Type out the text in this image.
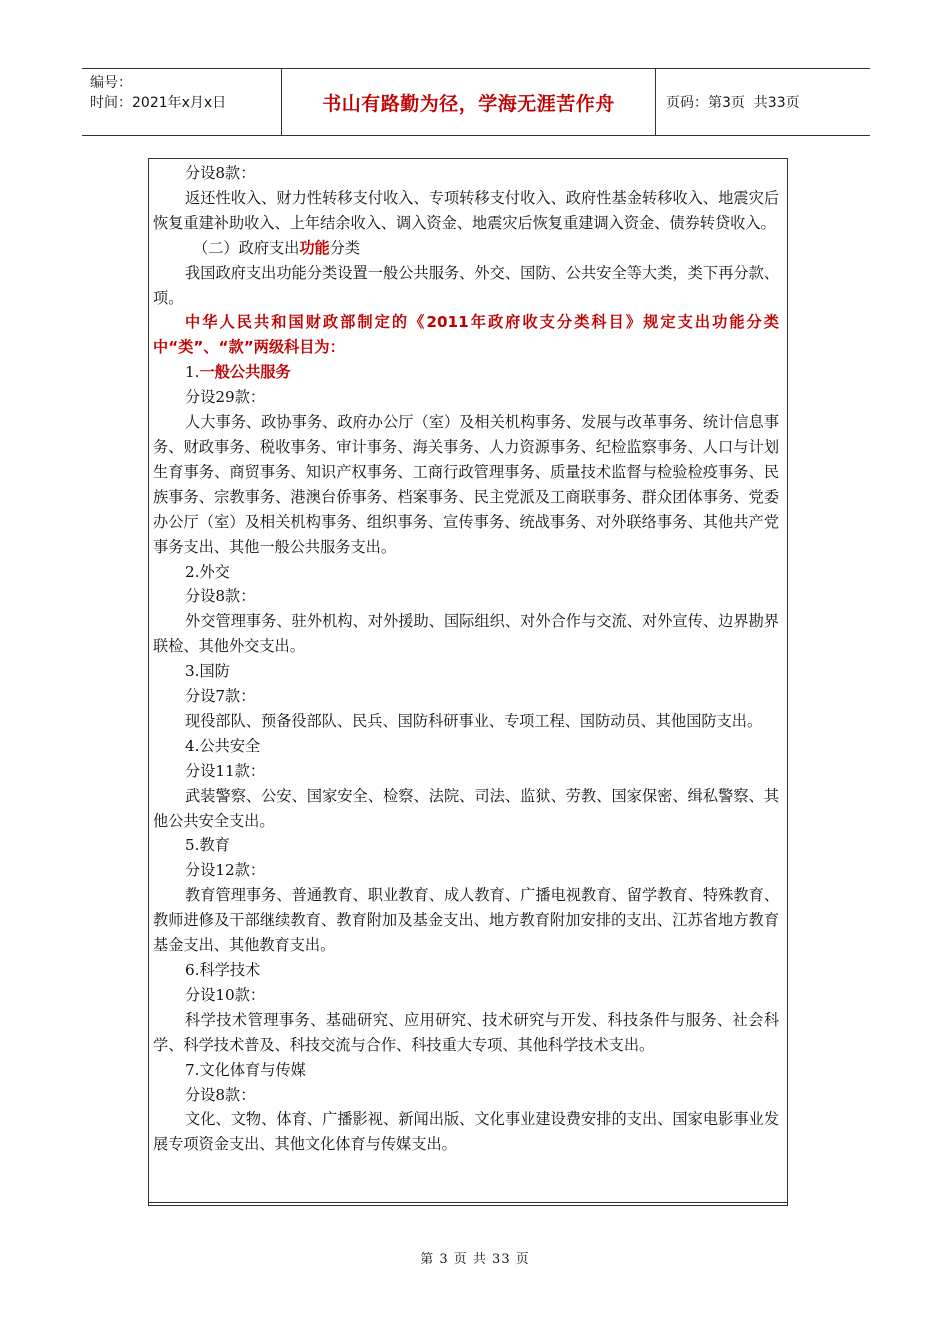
编号：
时间：2021年x月x日	书山有路勤为径，学海无涯苦作舟	页码：第3页  共33页

分设8款：

返还性收入、财力性转移支付收入、专项转移支付收入、政府性基金转移收入、地震灾后恢复重建补助收入、上年结余收入、调入资金、地震灾后恢复重建调入资金、债券转贷收入。

（二）政府支出功能分类

我国政府支出功能分类设置一般公共服务、外交、国防、公共安全等大类，类下再分款、项。

中华人民共和国财政部制定的《2011年政府收支分类科目》规定支出功能分类中“类”、“款”两级科目为：

1.一般公共服务

分设29款：

人大事务、政协事务、政府办公厅（室）及相关机构事务、发展与改革事务、统计信息事务、财政事务、税收事务、审计事务、海关事务、人力资源事务、纪检监察事务、人口与计划生育事务、商贸事务、知识产权事务、工商行政管理事务、质量技术监督与检验检疫事务、民族事务、宗教事务、港澳台侨事务、档案事务、民主党派及工商联事务、群众团体事务、党委办公厅（室）及相关机构事务、组织事务、宣传事务、统战事务、对外联络事务、其他共产党事务支出、其他一般公共服务支出。

2.外交

分设8款：

外交管理事务、驻外机构、对外援助、国际组织、对外合作与交流、对外宣传、边界勘界联检、其他外交支出。

3.国防

分设7款：

现役部队、预备役部队、民兵、国防科研事业、专项工程、国防动员、其他国防支出。

4.公共安全

分设11款：

武装警察、公安、国家安全、检察、法院、司法、监狱、劳教、国家保密、缉私警察、其他公共安全支出。

5.教育

分设12款：

教育管理事务、普通教育、职业教育、成人教育、广播电视教育、留学教育、特殊教育、教师进修及干部继续教育、教育附加及基金支出、地方教育附加安排的支出、江苏省地方教育基金支出、其他教育支出。

6.科学技术

分设10款：

科学技术管理事务、基础研究、应用研究、技术研究与开发、科技条件与服务、社会科学、科学技术普及、科技交流与合作、科技重大专项、其他科学技术支出。

7.文化体育与传媒

分设8款：

文化、文物、体育、广播影视、新闻出版、文化事业建设费安排的支出、国家电影事业发展专项资金支出、其他文化体育与传媒支出。

第 3 页 共 33 页
